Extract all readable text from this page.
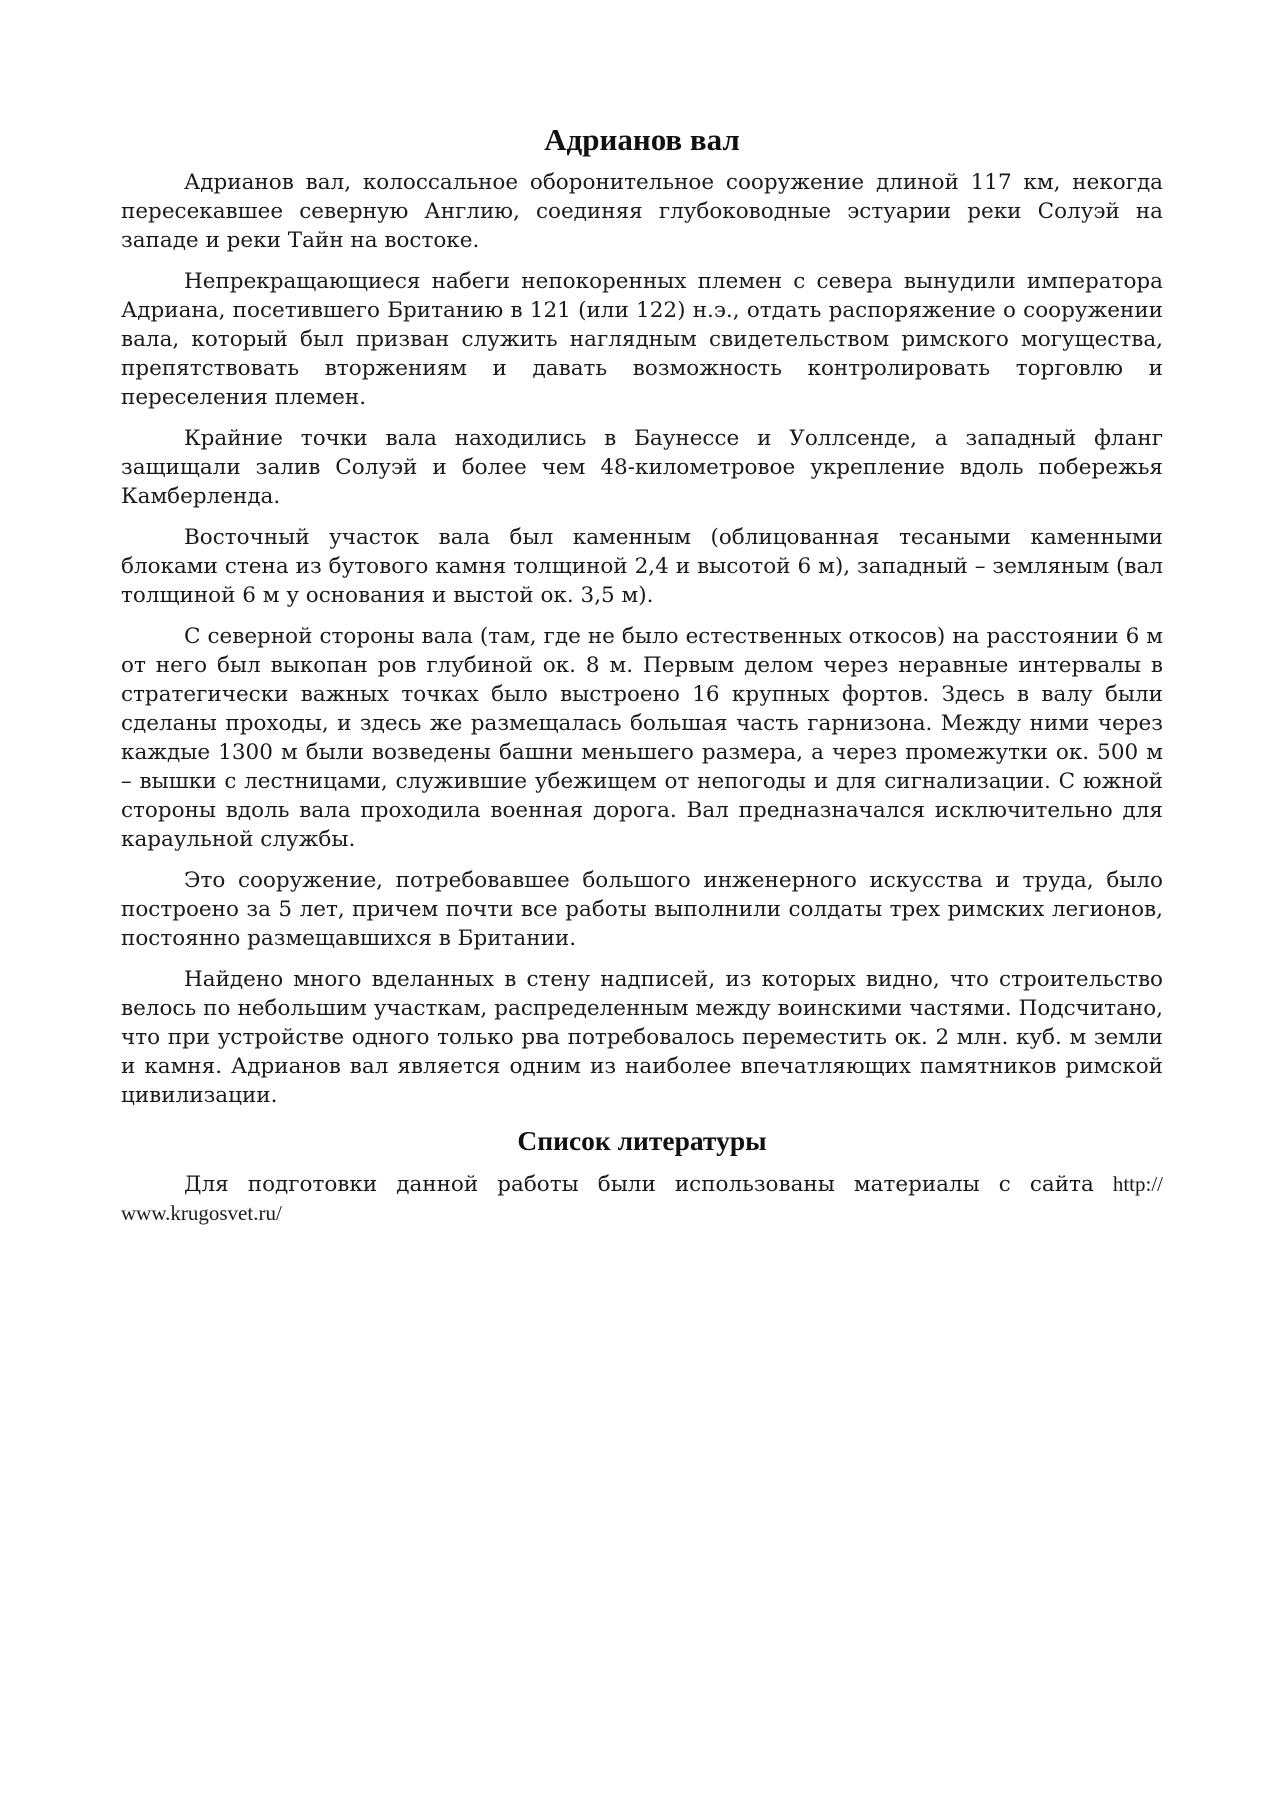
Адрианов вал

Адрианов вал, колоссальное оборонительное сооружение длиной 117 км, некогда пересекавшее северную Англию, соединяя глубоководные эстуарии реки Солуэй на западе и реки Тайн на востоке.

Непрекращающиеся набеги непокоренных племен с севера вынудили императора Адриана, посетившего Британию в 121 (или 122) н.э., отдать распоряжение о сооружении вала, который был призван служить наглядным свидетельством римского могущества, препятствовать вторжениям и давать возможность контролировать торговлю и переселения племен.

Крайние точки вала находились в Баунессе и Уоллсенде, а западный фланг защищали залив Солуэй и более чем 48-километровое укрепление вдоль побережья Камберленда.

Восточный участок вала был каменным (облицованная тесаными каменными блоками стена из бутового камня толщиной 2,4 и высотой 6 м), западный – земляным (вал толщиной 6 м у основания и выстой ок. 3,5 м).

С северной стороны вала (там, где не было естественных откосов) на расстоянии 6 м от него был выкопан ров глубиной ок. 8 м. Первым делом через неравные интервалы в стратегически важных точках было выстроено 16 крупных фортов. Здесь в валу были сделаны проходы, и здесь же размещалась большая часть гарнизона. Между ними через каждые 1300 м были возведены башни меньшего размера, а через промежутки ок. 500 м – вышки с лестницами, служившие убежищем от непогоды и для сигнализации. С южной стороны вдоль вала проходила военная дорога. Вал предназначался исключительно для караульной службы.

Это сооружение, потребовавшее большого инженерного искусства и труда, было построено за 5 лет, причем почти все работы выполнили солдаты трех римских легионов, постоянно размещавшихся в Британии.

Найдено много вделанных в стену надписей, из которых видно, что строительство велось по небольшим участкам, распределенным между воинскими частями. Подсчитано, что при устройстве одного только рва потребовалось переместить ок. 2 млн. куб. м земли и камня. Адрианов вал является одним из наиболее впечатляющих памятников римской цивилизации.

Список литературы

Для подготовки данной работы были использованы материалы с сайта http:// www.krugosvet.ru/
